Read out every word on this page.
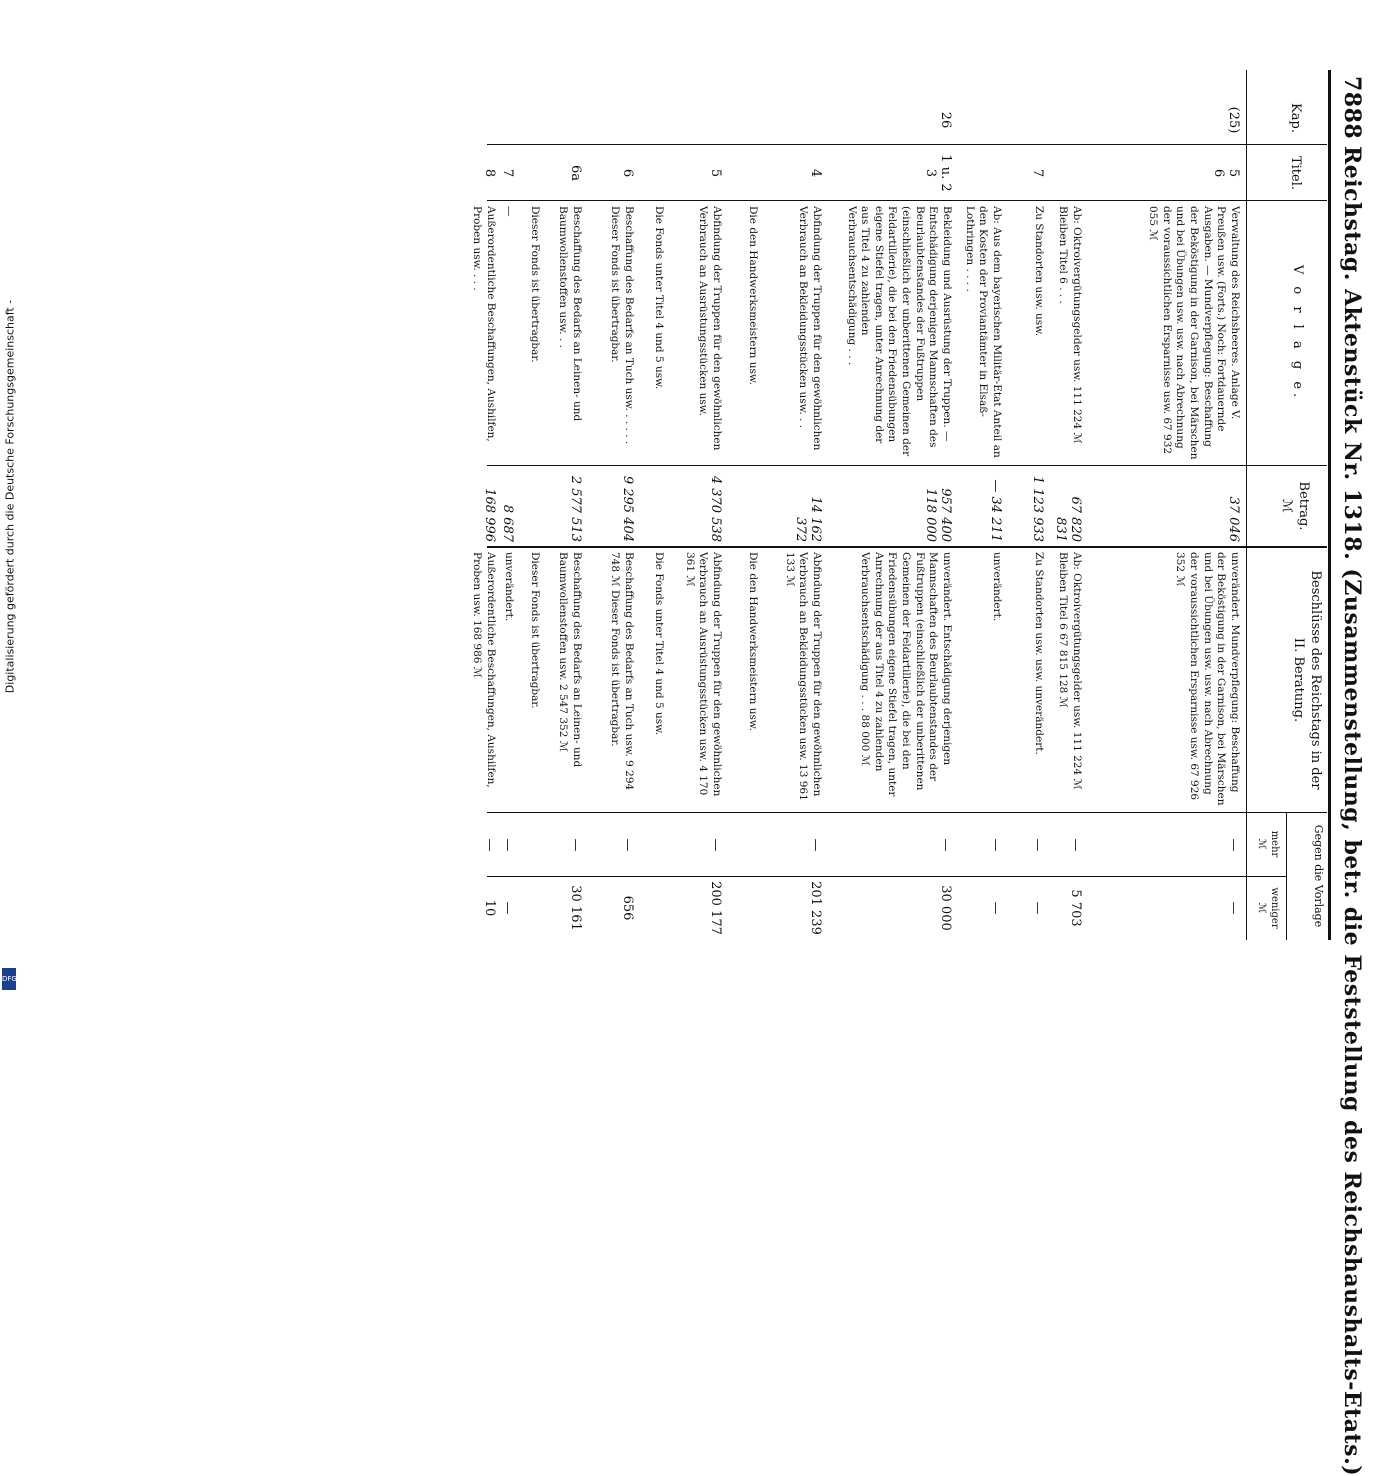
Digitalisierung gefördert durch die Deutsche Forschungsgemeinschaft -
DFG
7888
Reichstag. Aktenstück Nr. 1318. (Zusammenstellung, betr. die Feststellung des Reichshaushalts-Etats.)
Kap.
Titel.
V o r l a g e.
Betrag.
ℳ
Beschlüsse des Reichstags in der
II. Beratung.
Gegen die Vorlage
mehr
ℳ
weniger
ℳ
(25)
5
6
Verwaltung des Reichsheeres. Anlage V. Preußen usw. (Forts.) Noch: Fortdauernde Ausgaben. — Mundverpflegung: Beschaffung der Beköstigung in der Garnison, bei Märschen und bei Übungen usw. usw. nach Abrechnung der voraussichtlichen Ersparnisse usw. 67 932 055 ℳ
37 046
unverändert. Mundverpflegung: Beschaffung der Beköstigung in der Garnison, bei Märschen und bei Übungen usw. usw. nach Abrechnung der voraussichtlichen Ersparnisse usw. 67 926 352 ℳ
—
—
Ab: Oktroivergütungsgelder usw. 111 224 ℳ Bleiben Titel 6 . . .
67 820 831
Ab: Oktroivergütungsgelder usw. 111 224 ℳ Bleiben Titel 6 67 815 128 ℳ
—
5 703
7
Zu Standorten usw. usw.
1 123 933
Zu Standorten usw. usw. unverändert.
—
—
Ab: Aus dem bayerischen Militär-Etat Anteil an den Kosten der Proviantämter in Elsaß-Lothringen . . . .
— 34 211
unverändert.
—
—
26
1 u. 2
3
Bekleidung und Ausrüstung der Truppen. — Entschädigung derjenigen Mannschaften des Beurlaubtenstandes der Fußtruppen (einschließlich der unberittenen Gemeinen der Feldartillerie), die bei den Friedensübungen eigene Stiefel tragen, unter Anrechnung der aus Titel 4 zu zahlenden Verbrauchsentschädigung . . .
957 400
118 000
unverändert. Entschädigung derjenigen Mannschaften des Beurlaubtenstandes der Fußtruppen (einschließlich der unberittenen Gemeinen der Feldartillerie), die bei den Friedensübungen eigene Stiefel tragen, unter Anrechnung der aus Titel 4 zu zahlenden Verbrauchsentschädigung . . . 88 000 ℳ
—
30 000
4
Abfindung der Truppen für den gewöhnlichen Verbrauch an Bekleidungsstücken usw. . .
14 162 372
Abfindung der Truppen für den gewöhnlichen Verbrauch an Bekleidungsstücken usw. 13 961 133 ℳ
—
201 239
Die den Handwerksmeistern usw.
Die den Handwerksmeistern usw.
5
Abfindung der Truppen für den gewöhnlichen Verbrauch an Ausrüstungsstücken usw.
4 370 538
Abfindung der Truppen für den gewöhnlichen Verbrauch an Ausrüstungsstücken usw. 4 170 361 ℳ
—
200 177
Die Fonds unter Titel 4 und 5 usw.
Die Fonds unter Titel 4 und 5 usw.
6
Beschaffung des Bedarfs an Tuch usw. . . . . . Dieser Fonds ist übertragbar.
9 295 404
Beschaffung des Bedarfs an Tuch usw. 9 294 748 ℳ Dieser Fonds ist übertragbar.
—
656
6a
Beschaffung des Bedarfs an Leinen- und Baumwollenstoffen usw. . .
2 577 513
Beschaffung des Bedarfs an Leinen- und Baumwollenstoffen usw. 2 547 352 ℳ
—
30 161
Dieser Fonds ist übertragbar.
Dieser Fonds ist übertragbar.
7
—
8 687
unverändert.
—
—
8
Außerordentliche Beschaffungen, Aushilfen, Proben usw. . . .
168 996
Außerordentliche Beschaffungen, Aushilfen, Proben usw. 168 986 ℳ
—
10
